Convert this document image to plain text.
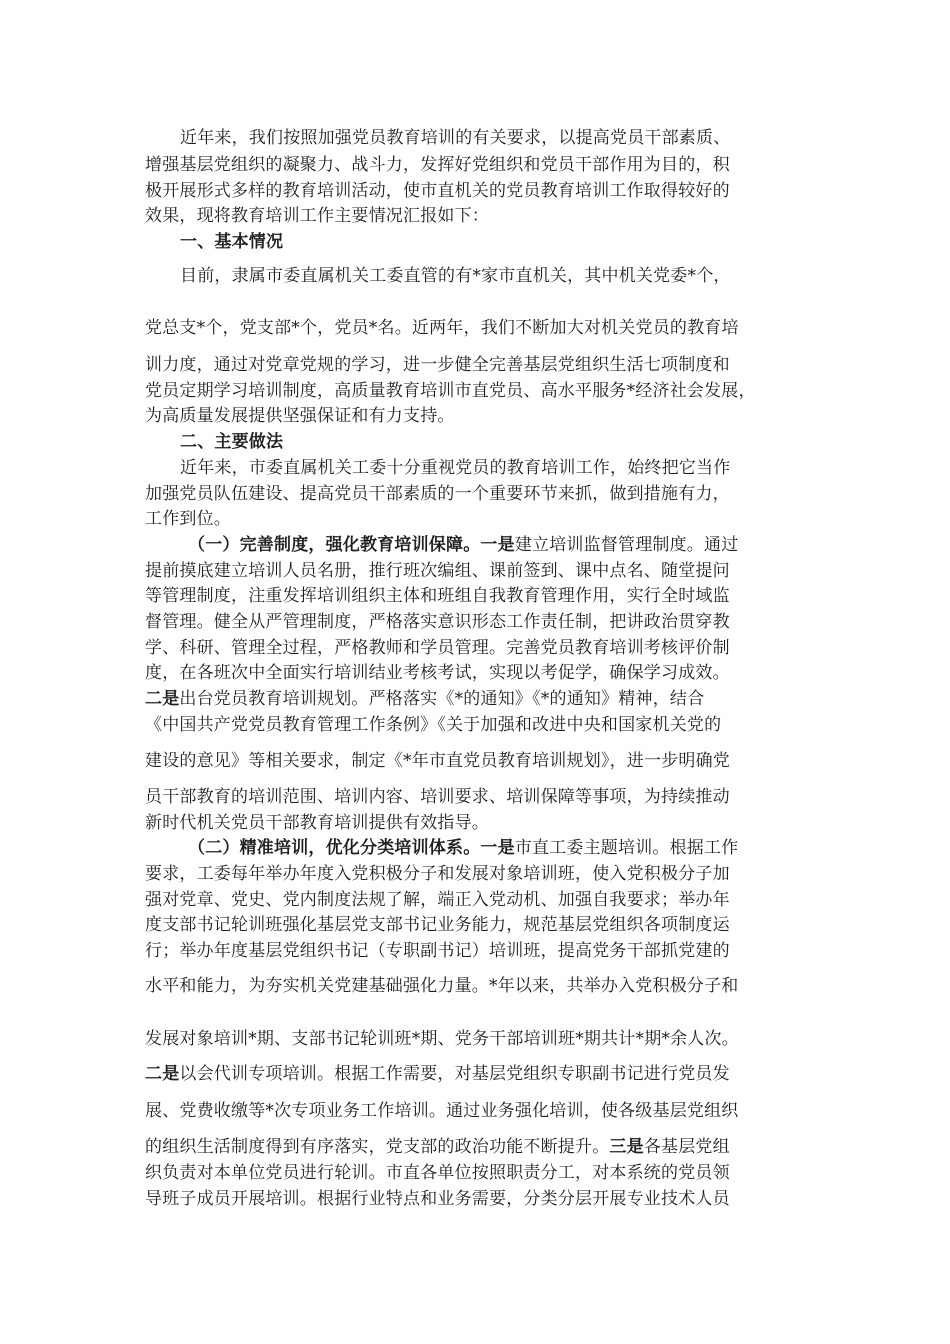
近年来，我们按照加强党员教育培训的有关要求，以提高党员干部素质、
增强基层党组织的凝聚力、战斗力，发挥好党组织和党员干部作用为目的，积
极开展形式多样的教育培训活动，使市直机关的党员教育培训工作取得较好的
效果，现将教育培训工作主要情况汇报如下：
一、基本情况
目前，隶属市委直属机关工委直管的有*家市直机关，其中机关党委*个，
党总支*个，党支部*个，党员*名。近两年，我们不断加大对机关党员的教育培
训力度，通过对党章党规的学习，进一步健全完善基层党组织生活七项制度和
党员定期学习培训制度，高质量教育培训市直党员、高水平服务*经济社会发展，
为高质量发展提供坚强保证和有力支持。
二、主要做法
近年来，市委直属机关工委十分重视党员的教育培训工作，始终把它当作
加强党员队伍建设、提高党员干部素质的一个重要环节来抓，做到措施有力，
工作到位。
（一）完善制度，强化教育培训保障。一是建立培训监督管理制度。通过
提前摸底建立培训人员名册，推行班次编组、课前签到、课中点名、随堂提问
等管理制度，注重发挥培训组织主体和班组自我教育管理作用，实行全时域监
督管理。健全从严管理制度，严格落实意识形态工作责任制，把讲政治贯穿教
学、科研、管理全过程，严格教师和学员管理。完善党员教育培训考核评价制
度，在各班次中全面实行培训结业考核考试，实现以考促学，确保学习成效。
二是出台党员教育培训规划。严格落实《*的通知》《*的通知》精神，结合
《中国共产党党员教育管理工作条例》《关于加强和改进中央和国家机关党的
建设的意见》等相关要求，制定《*年市直党员教育培训规划》，进一步明确党
员干部教育的培训范围、培训内容、培训要求、培训保障等事项，为持续推动
新时代机关党员干部教育培训提供有效指导。
（二）精准培训，优化分类培训体系。一是市直工委主题培训。根据工作
要求，工委每年举办年度入党积极分子和发展对象培训班，使入党积极分子加
强对党章、党史、党内制度法规了解，端正入党动机、加强自我要求；举办年
度支部书记轮训班强化基层党支部书记业务能力，规范基层党组织各项制度运
行；举办年度基层党组织书记（专职副书记）培训班，提高党务干部抓党建的
水平和能力，为夯实机关党建基础强化力量。*年以来，共举办入党积极分子和
发展对象培训*期、支部书记轮训班*期、党务干部培训班*期共计*期*余人次。
二是以会代训专项培训。根据工作需要，对基层党组织专职副书记进行党员发
展、党费收缴等*次专项业务工作培训。通过业务强化培训，使各级基层党组织
的组织生活制度得到有序落实，党支部的政治功能不断提升。三是各基层党组
织负责对本单位党员进行轮训。市直各单位按照职责分工，对本系统的党员领
导班子成员开展培训。根据行业特点和业务需要，分类分层开展专业技术人员
